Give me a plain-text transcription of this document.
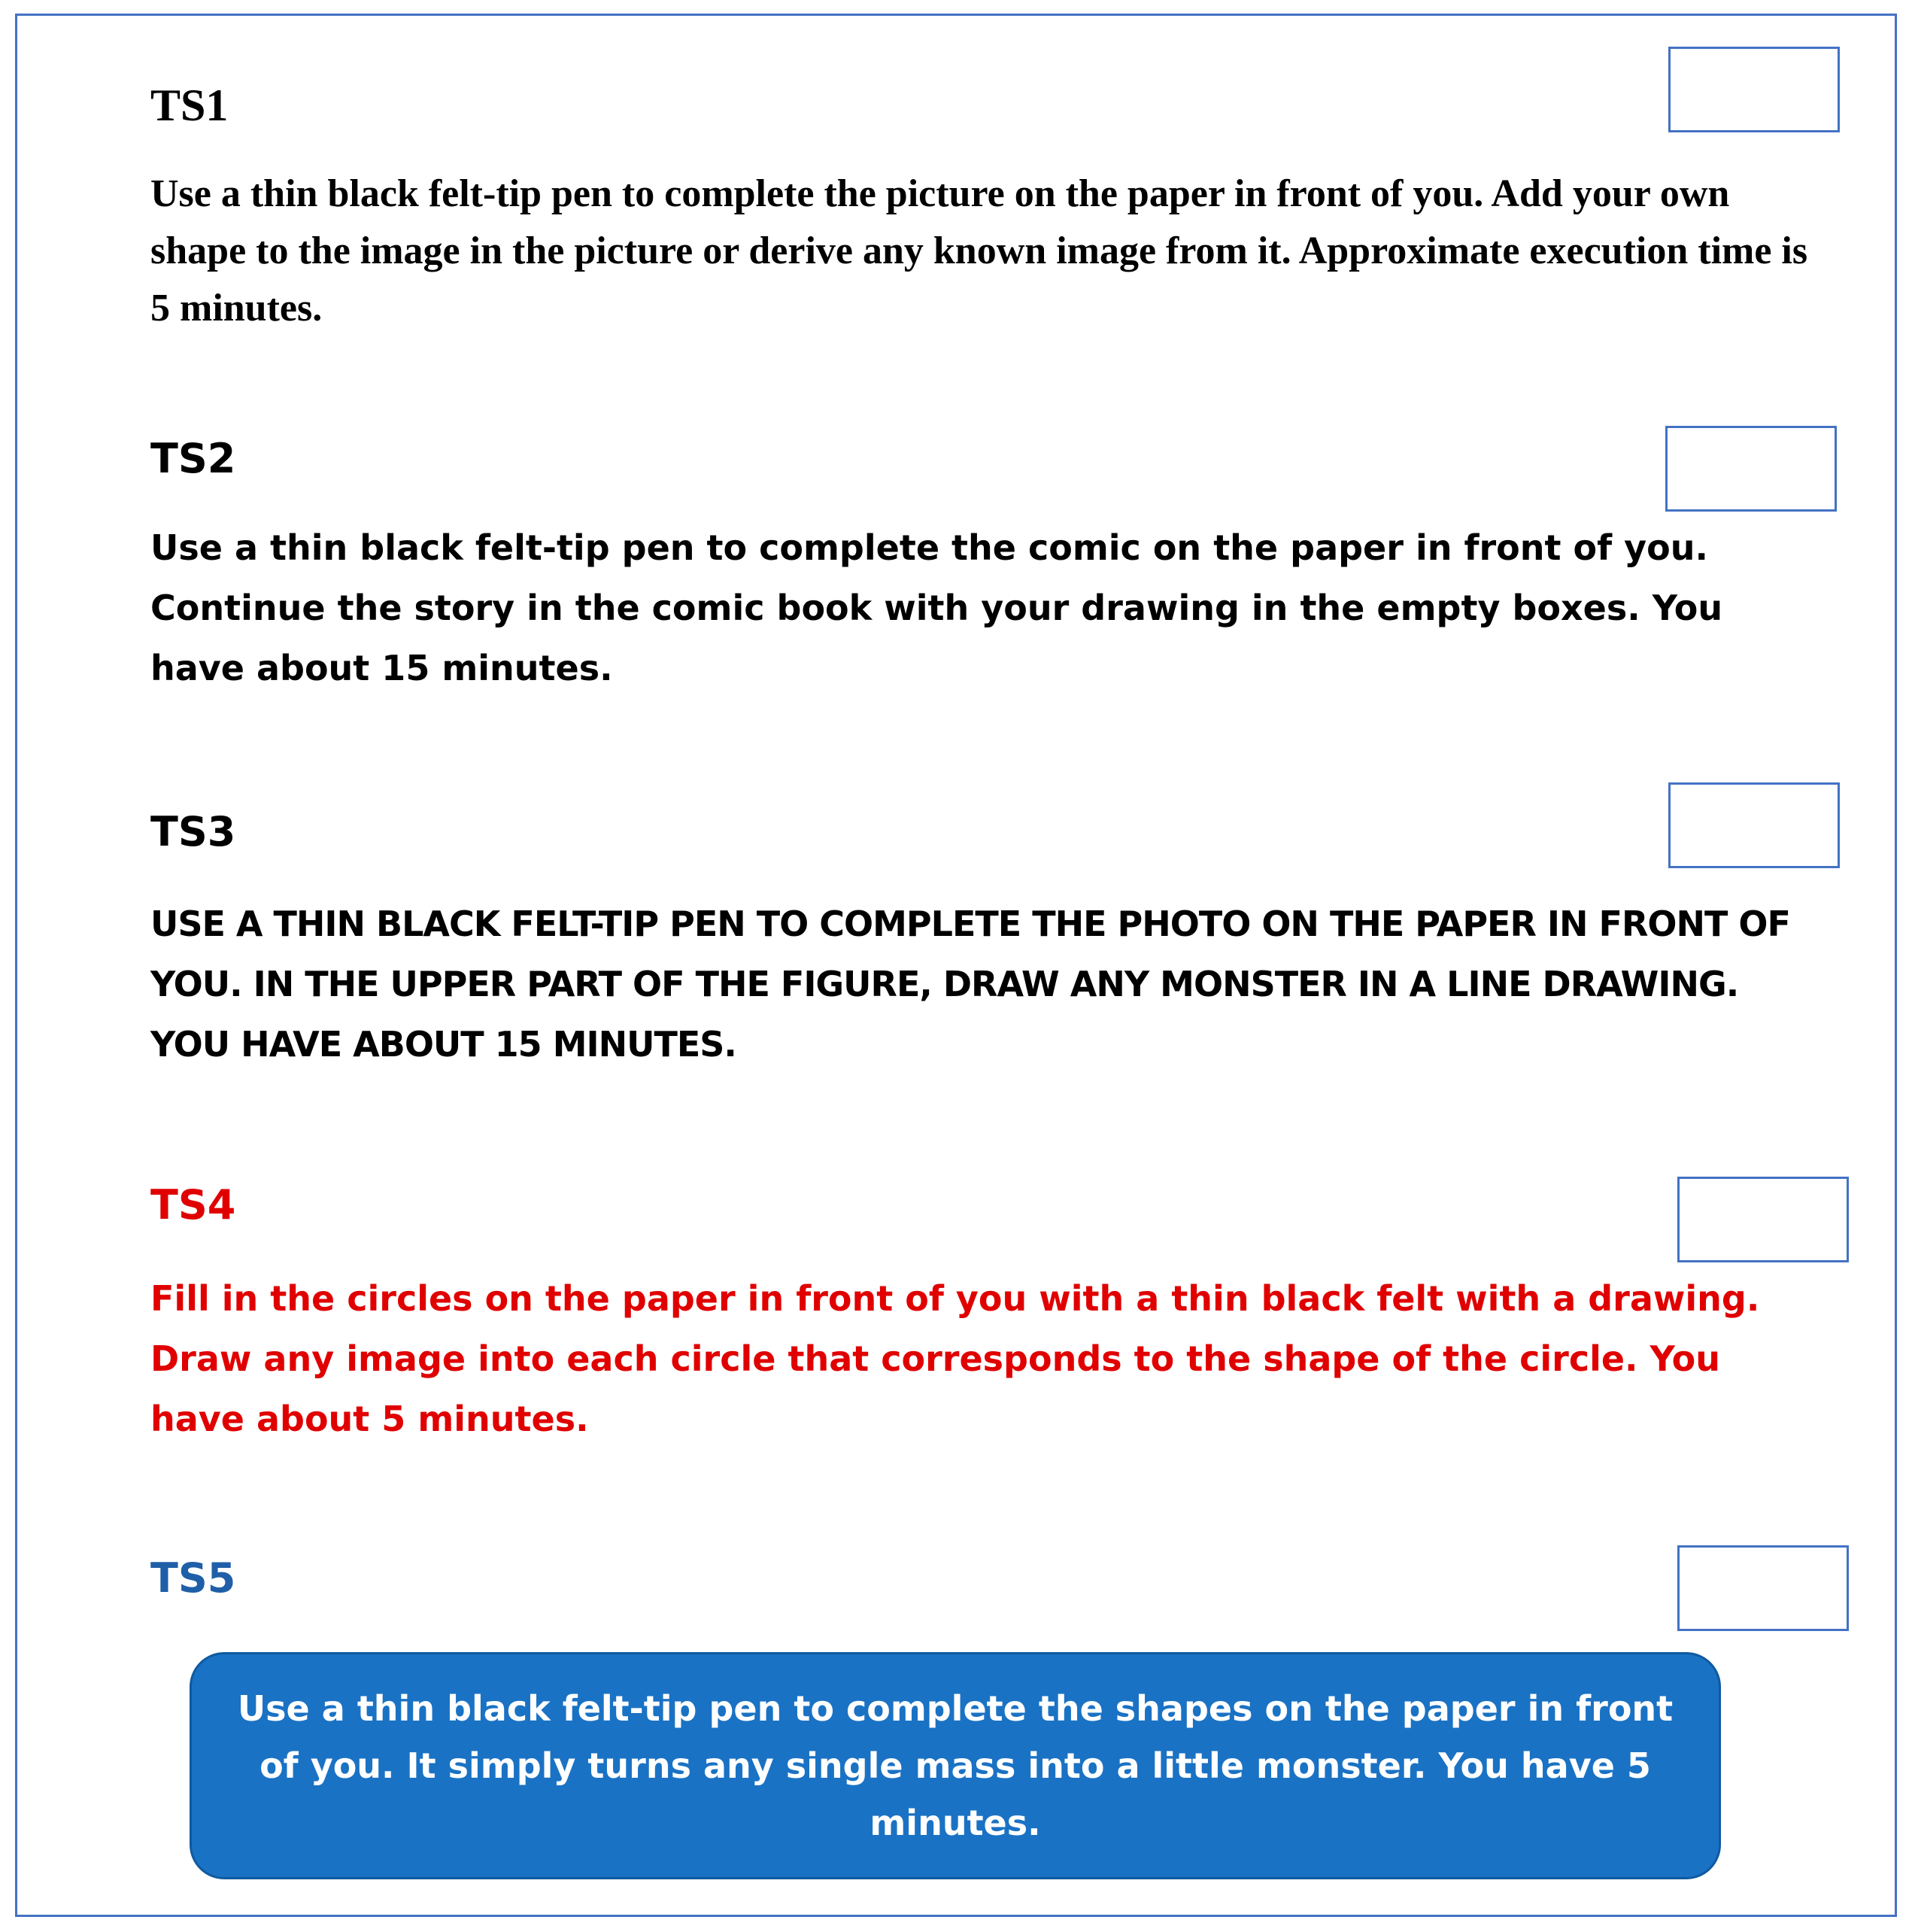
TS1

Use a thin black felt-tip pen to complete the picture on the paper in front of you. Add your own shape to the image in the picture or derive any known image from it. Approximate execution time is 5 minutes.

TS2

Use a thin black felt-tip pen to complete the comic on the paper in front of you. Continue the story in the comic book with your drawing in the empty boxes. You have about 15 minutes.

TS3

USE A THIN BLACK FELT-TIP PEN TO COMPLETE THE PHOTO ON THE PAPER IN FRONT OF YOU. IN THE UPPER PART OF THE FIGURE, DRAW ANY MONSTER IN A LINE DRAWING. YOU HAVE ABOUT 15 MINUTES.

TS4

Fill in the circles on the paper in front of you with a thin black felt with a drawing. Draw any image into each circle that corresponds to the shape of the circle. You have about 5 minutes.

TS5

Use a thin black felt-tip pen to complete the shapes on the paper in front of you. It simply turns any single mass into a little monster. You have 5 minutes.
